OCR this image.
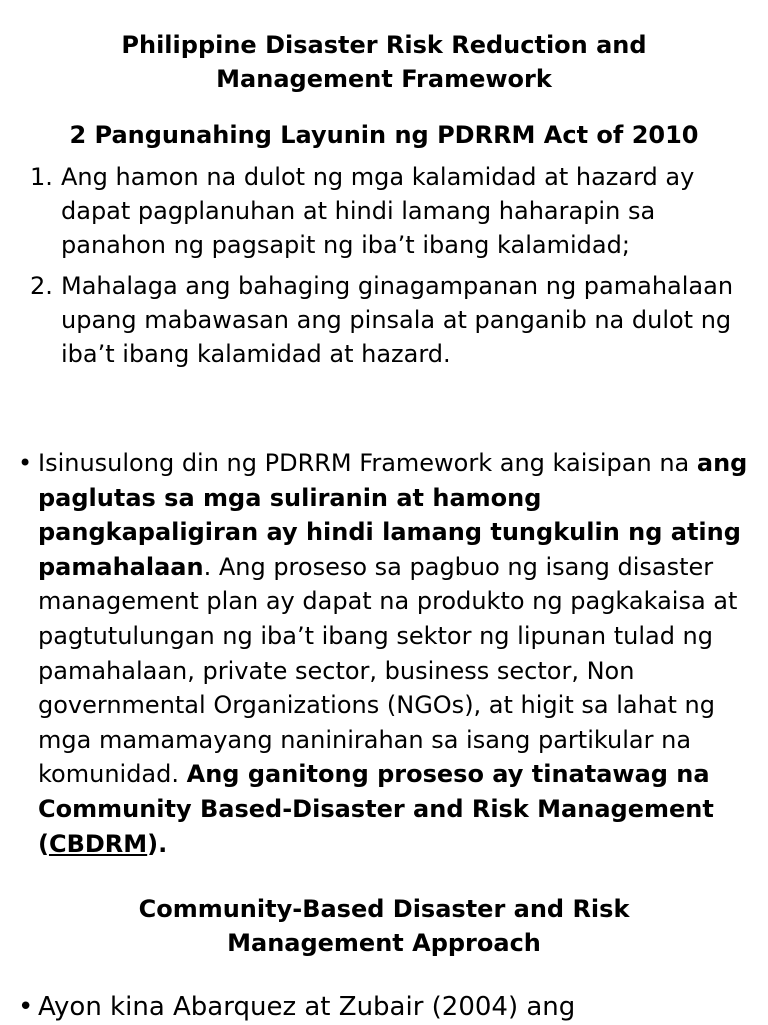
Philippine Disaster Risk Reduction and
Management Framework
2 Pangunahing Layunin ng PDRRM Act of 2010
1. Ang hamon na dulot ng mga kalamidad at hazard ay dapat pagplanuhan at hindi lamang haharapin sa panahon ng pagsapit ng iba’t ibang kalamidad;
2. Mahalaga ang bahaging ginagampanan ng pamahalaan upang mabawasan ang pinsala at panganib na dulot ng iba’t ibang kalamidad at hazard.
• Isinusulong din ng PDRRM Framework ang kaisipan na ang paglutas sa mga suliranin at hamong pangkapaligiran ay hindi lamang tungkulin ng ating pamahalaan. Ang proseso sa pagbuo ng isang disaster management plan ay dapat na produkto ng pagkakaisa at pagtutulungan ng iba’t ibang sektor ng lipunan tulad ng pamahalaan, private sector, business sector, Non governmental Organizations (NGOs), at higit sa lahat ng mga mamamayang naninirahan sa isang partikular na komunidad. Ang ganitong proseso ay tinatawag na Community Based-Disaster and Risk Management (CBDRM).
Community-Based Disaster and Risk
Management Approach
• Ayon kina Abarquez at Zubair (2004) ang
